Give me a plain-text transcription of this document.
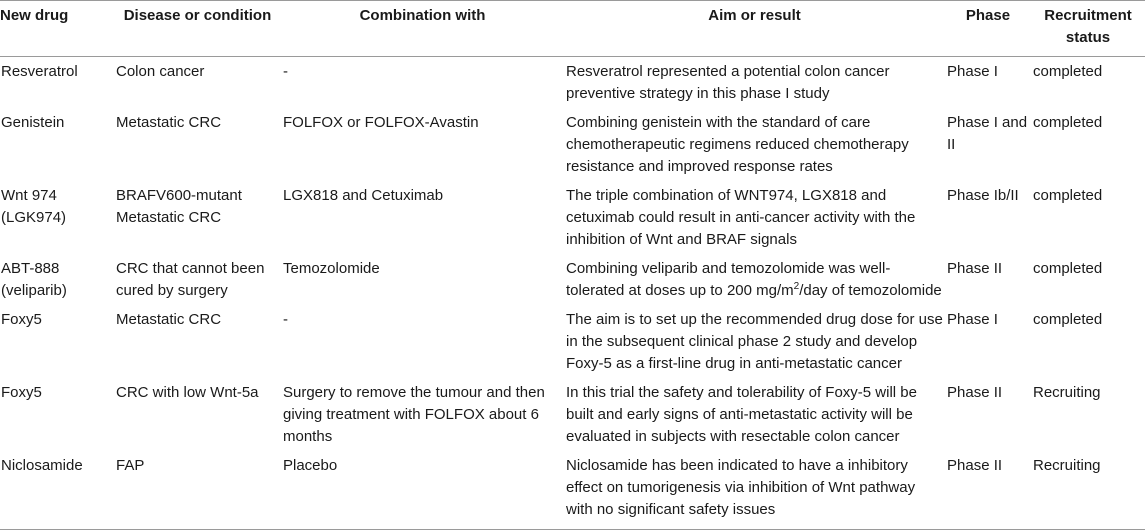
New drug	Disease or condition	Combination with	Aim or result	Phase	Recruitment status
Resveratrol	Colon cancer	-	Resveratrol represented a potential colon cancer preventive strategy in this phase I study	Phase I	completed
Genistein	Metastatic CRC	FOLFOX or FOLFOX-Avastin	Combining genistein with the standard of care chemotherapeutic regimens reduced chemotherapy resistance and improved response rates	Phase I and II	completed
Wnt 974 (LGK974)	BRAFV600-mutant Metastatic CRC	LGX818 and Cetuximab	The triple combination of WNT974, LGX818 and cetuximab could result in anti-cancer activity with the inhibition of Wnt and BRAF signals	Phase Ib/II	completed
ABT-888 (veliparib)	CRC that cannot been cured by surgery	Temozolomide	Combining veliparib and temozolomide was well-tolerated at doses up to 200 $mg/m^2$/day of temozolomide	Phase II	completed
Foxy5	Metastatic CRC	-	The aim is to set up the recommended drug dose for use in the subsequent clinical phase 2 study and develop Foxy-5 as a first-line drug in anti-metastatic cancer	Phase I	completed
Foxy5	CRC with low Wnt-5a	Surgery to remove the tumour and then giving treatment with FOLFOX about 6 months	In this trial the safety and tolerability of Foxy-5 will be built and early signs of anti-metastatic activity will be evaluated in subjects with resectable colon cancer	Phase II	Recruiting
Niclosamide	FAP	Placebo	Niclosamide has been indicated to have a inhibitory effect on tumorigenesis via inhibition of Wnt pathway with no significant safety issues	Phase II	Recruiting
